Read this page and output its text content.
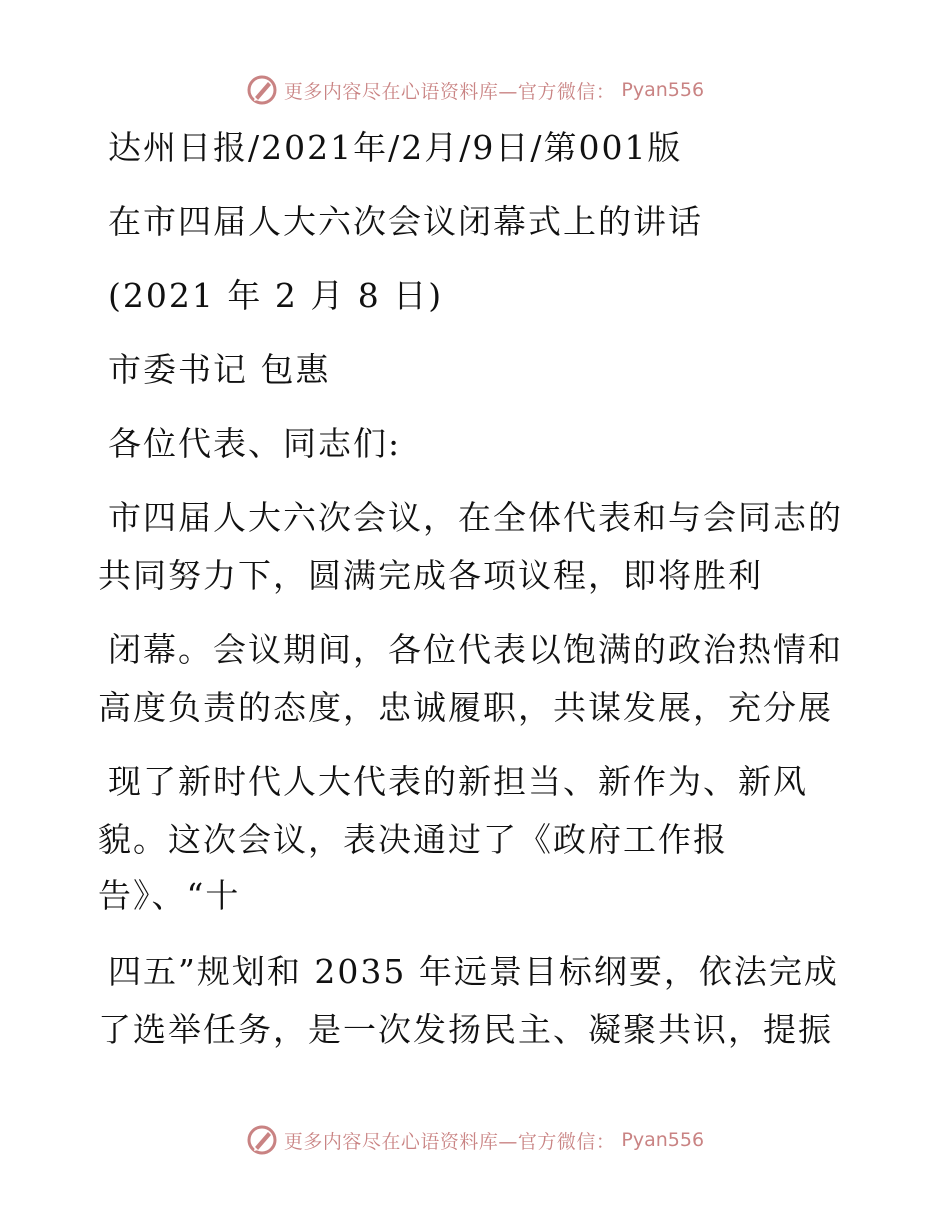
更多内容尽在心语资料库—官方微信： Pyan556
达州日报/2021年/2月/9日/第001版
在市四届人大六次会议闭幕式上的讲话
(2021 年 2 月 8 日)
市委书记 包惠
各位代表、同志们:
市四届人大六次会议，在全体代表和与会同志的
共同努力下，圆满完成各项议程，即将胜利
闭幕。会议期间，各位代表以饱满的政治热情和
高度负责的态度，忠诚履职，共谋发展，充分展
现了新时代人大代表的新担当、新作为、新风
貌。这次会议，表决通过了《政府工作报
告》、“十
四五”规划和 2035 年远景目标纲要，依法完成
了选举任务，是一次发扬民主、凝聚共识，提振
更多内容尽在心语资料库—官方微信： Pyan556
